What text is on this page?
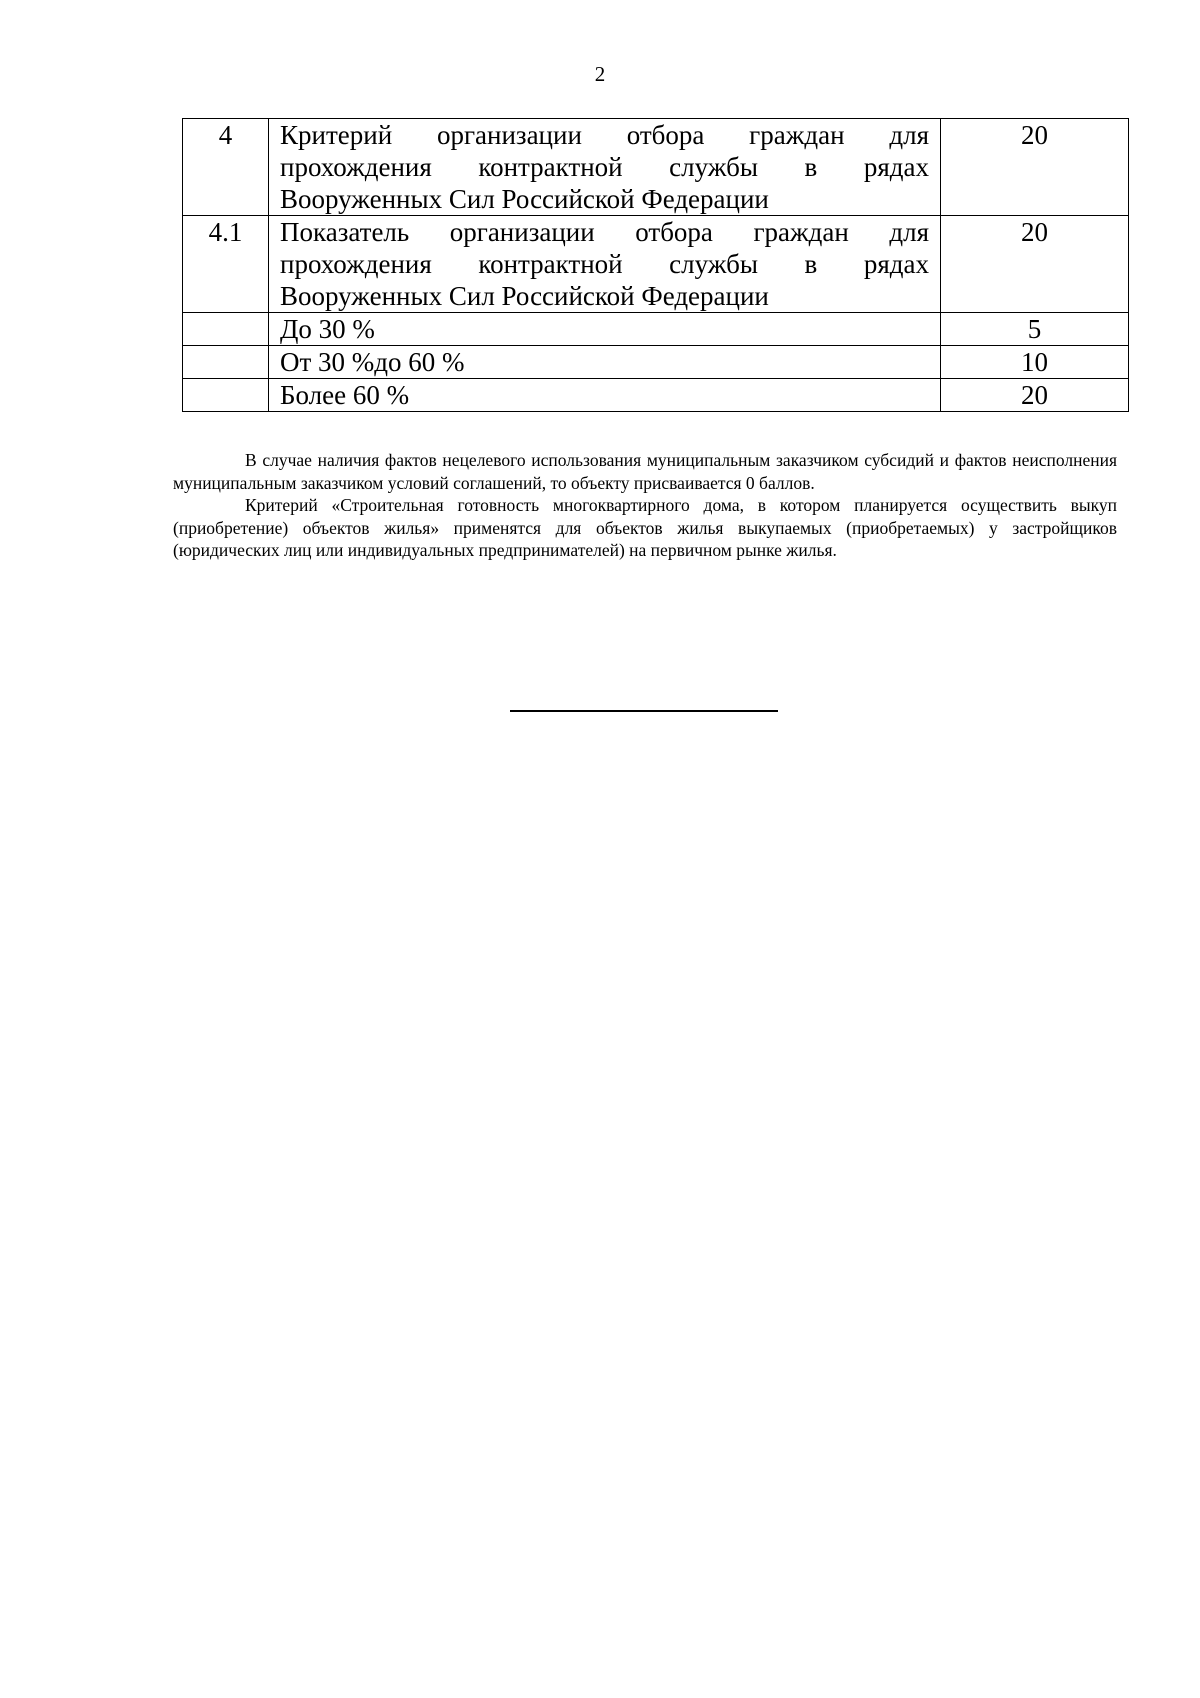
2
4	Критерий организации отбора граждан для прохождения контрактной службы в рядах Вооруженных Сил Российской Федерации	20
4.1	Показатель организации отбора граждан для прохождения контрактной службы в рядах Вооруженных Сил Российской Федерации	20
	До 30 %	5
	От 30 %до 60 %	10
	Более 60 %	20

В случае наличия фактов нецелевого использования муниципальным заказчиком субсидий и фактов неисполнения муниципальным заказчиком условий соглашений, то объекту присваивается 0 баллов.

Критерий «Строительная готовность многоквартирного дома, в котором планируется осуществить выкуп (приобретение) объектов жилья» применятся для объектов жилья выкупаемых (приобретаемых) у застройщиков (юридических лиц или индивидуальных предпринимателей) на первичном рынке жилья.
